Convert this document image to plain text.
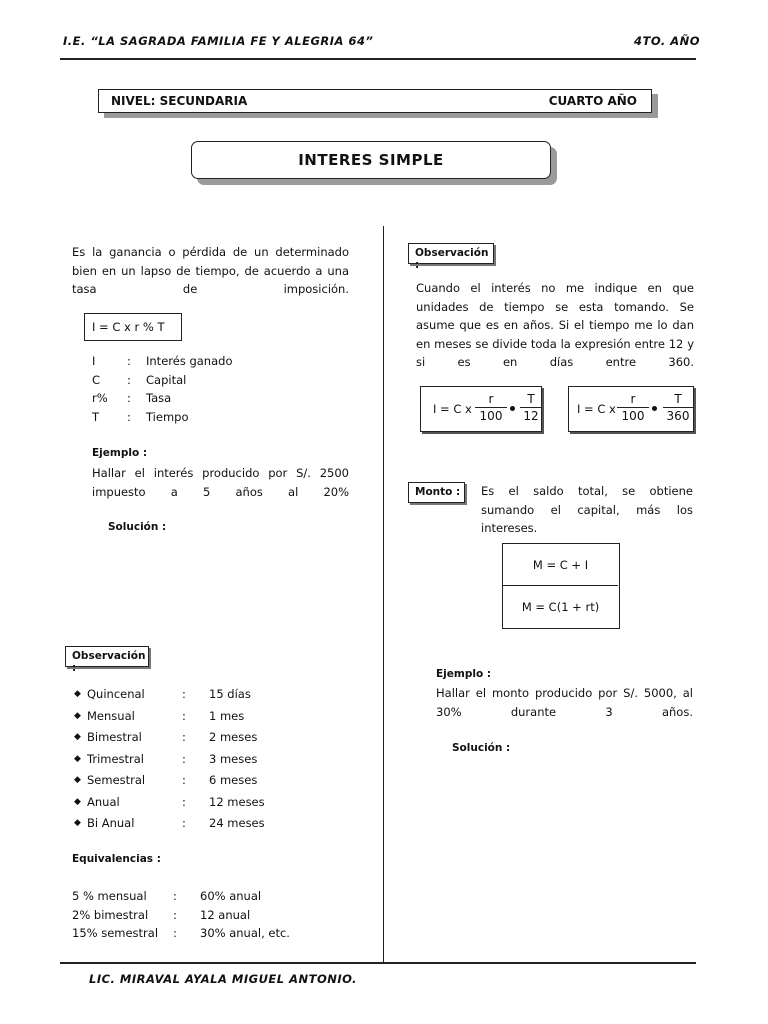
I.E. “LA SAGRADA FAMILIA FE Y ALEGRIA 64”	4TO. AÑO
NIVEL: SECUNDARIA	CUARTO AÑO
INTERES SIMPLE
Es la ganancia o pérdida de un determinado bien en un lapso de tiempo, de acuerdo a una tasa de imposición.
I = C x r % T
I	:	Interés ganado
C	:	Capital
r%	:	Tasa
T	:	Tiempo
Ejemplo :
Hallar el interés producido por S/. 2500 impuesto a 5 años al 20%
Solución :
Observación :
◆ Quincenal	:	15 días
◆ Mensual	:	1 mes
◆ Bimestral	:	2 meses
◆ Trimestral	:	3 meses
◆ Semestral	:	6 meses
◆ Anual	:	12 meses
◆ Bi Anual	:	24 meses
Equivalencias :
5 % mensual	:	60% anual
2% bimestral	:	12 anual
15% semestral	:	30% anual, etc.
Observación :
Cuando el interés no me indique en que unidades de tiempo se esta tomando. Se asume que es en años. Si el tiempo me lo dan en meses se divide toda la expresión entre 12 y si es en días entre 360.
I = C x $\frac{r}{100} \frac{T}{12}$	I = C x $\frac{r}{100} \frac{T}{360}$
Monto : Es el saldo total, se obtiene sumando el capital, más los intereses.
M = C + I
M = C(1 + rt)
Ejemplo :
Hallar el monto producido por S/. 5000, al 30% durante 3 años.
Solución :
LIC. MIRAVAL AYALA MIGUEL ANTONIO.
